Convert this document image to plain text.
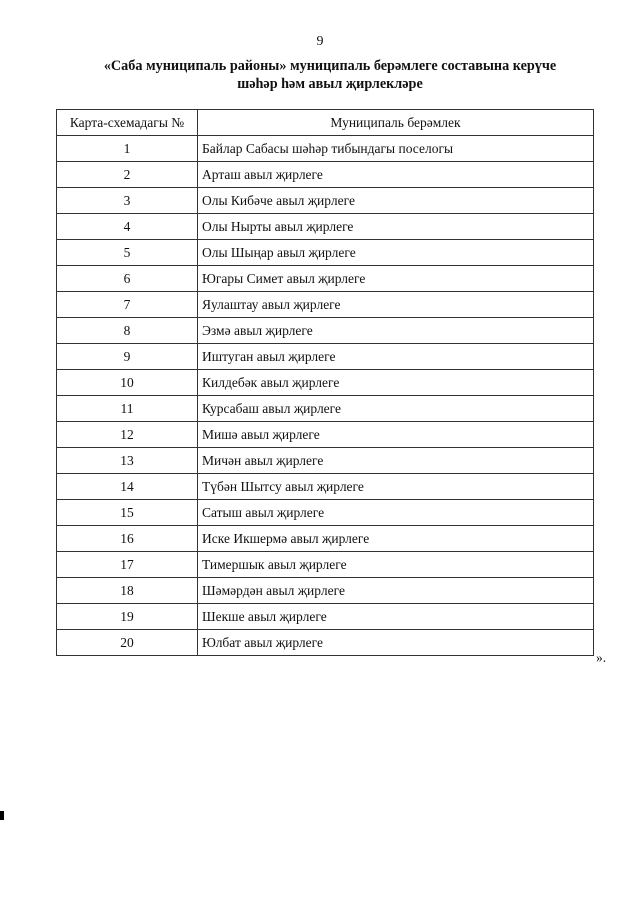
9
«Саба муниципаль районы» муниципаль берәмлеге составына керүче
шәһәр һәм авыл җирлекләре
Карта-схемадагы №	Муниципаль берәмлек
1	Байлар Сабасы шәһәр тибындагы поселогы
2	Арташ авыл җирлеге
3	Олы Кибәче авыл җирлеге
4	Олы Нырты авыл җирлеге
5	Олы Шыңар авыл җирлеге
6	Югары Симет авыл җирлеге
7	Яулаштау авыл җирлеге
8	Эзмә авыл җирлеге
9	Иштуган авыл җирлеге
10	Килдебәк авыл җирлеге
11	Курсабаш авыл җирлеге
12	Мишә авыл җирлеге
13	Мичән авыл җирлеге
14	Түбән Шытсу авыл җирлеге
15	Сатыш авыл җирлеге
16	Иске Икшермә авыл җирлеге
17	Тимершык авыл җирлеге
18	Шәмәрдән авыл җирлеге
19	Шекше авыл җирлеге
20	Юлбат авыл җирлеге
».
